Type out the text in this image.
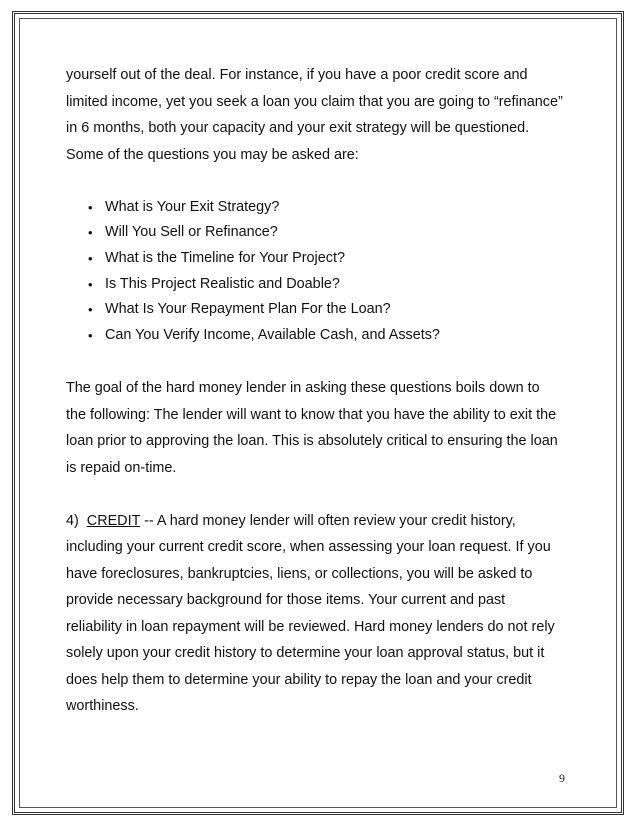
yourself out of the deal. For instance, if you have a poor credit score and

limited income, yet you seek a loan you claim that you are going to “refinance”

in 6 months, both your capacity and your exit strategy will be questioned.

Some of the questions you may be asked are:

• What is Your Exit Strategy?
• Will You Sell or Refinance?
• What is the Timeline for Your Project?
• Is This Project Realistic and Doable?
• What Is Your Repayment Plan For the Loan?
• Can You Verify Income, Available Cash, and Assets?

The goal of the hard money lender in asking these questions boils down to

the following: The lender will want to know that you have the ability to exit the

loan prior to approving the loan. This is absolutely critical to ensuring the loan

is repaid on-time.

4)  CREDIT -- A hard money lender will often review your credit history,

including your current credit score, when assessing your loan request. If you

have foreclosures, bankruptcies, liens, or collections, you will be asked to

provide necessary background for those items. Your current and past

reliability in loan repayment will be reviewed. Hard money lenders do not rely

solely upon your credit history to determine your loan approval status, but it

does help them to determine your ability to repay the loan and your credit

worthiness.

9
